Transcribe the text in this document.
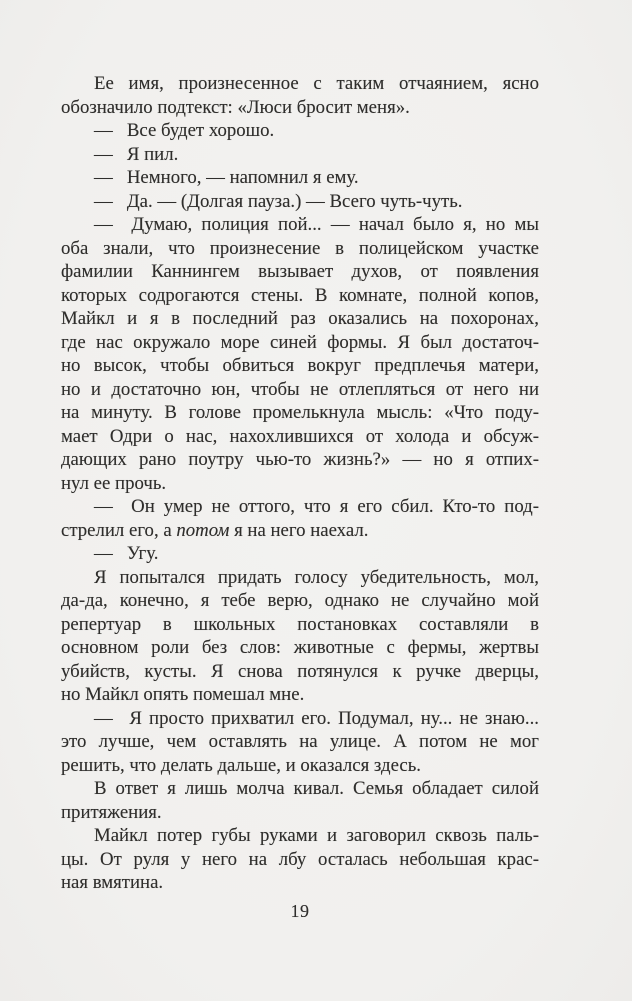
Ее имя, произнесенное с таким отчаянием, ясно
обозначило подтекст: «Люси бросит меня».
—  Все будет хорошо.
—  Я пил.
—  Немного, — напомнил я ему.
—  Да. — (Долгая пауза.) — Всего чуть-чуть.
—  Думаю, полиция пой... — начал было я, но мы
оба знали, что произнесение в полицейском участке
фамилии Каннингем вызывает духов, от появления
которых содрогаются стены. В комнате, полной копов,
Майкл и я в последний раз оказались на похоронах,
где нас окружало море синей формы. Я был достаточ-
но высок, чтобы обвиться вокруг предплечья матери,
но и достаточно юн, чтобы не отлепляться от него ни
на минуту. В голове промелькнула мысль: «Что поду-
мает Одри о нас, нахохлившихся от холода и обсуж-
дающих рано поутру чью-то жизнь?» — но я отпих-
нул ее прочь.
—  Он умер не оттого, что я его сбил. Кто-то под-
стрелил его, а потом я на него наехал.
—  Угу.
Я попытался придать голосу убедительность, мол,
да-да, конечно, я тебе верю, однако не случайно мой
репертуар в школьных постановках составляли в
основном роли без слов: животные с фермы, жертвы
убийств, кусты. Я снова потянулся к ручке дверцы,
но Майкл опять помешал мне.
—  Я просто прихватил его. Подумал, ну... не знаю...
это лучше, чем оставлять на улице. А потом не мог
решить, что делать дальше, и оказался здесь.
В ответ я лишь молча кивал. Семья обладает силой
притяжения.
Майкл потер губы руками и заговорил сквозь паль-
цы. От руля у него на лбу осталась небольшая крас-
ная вмятина.
19
